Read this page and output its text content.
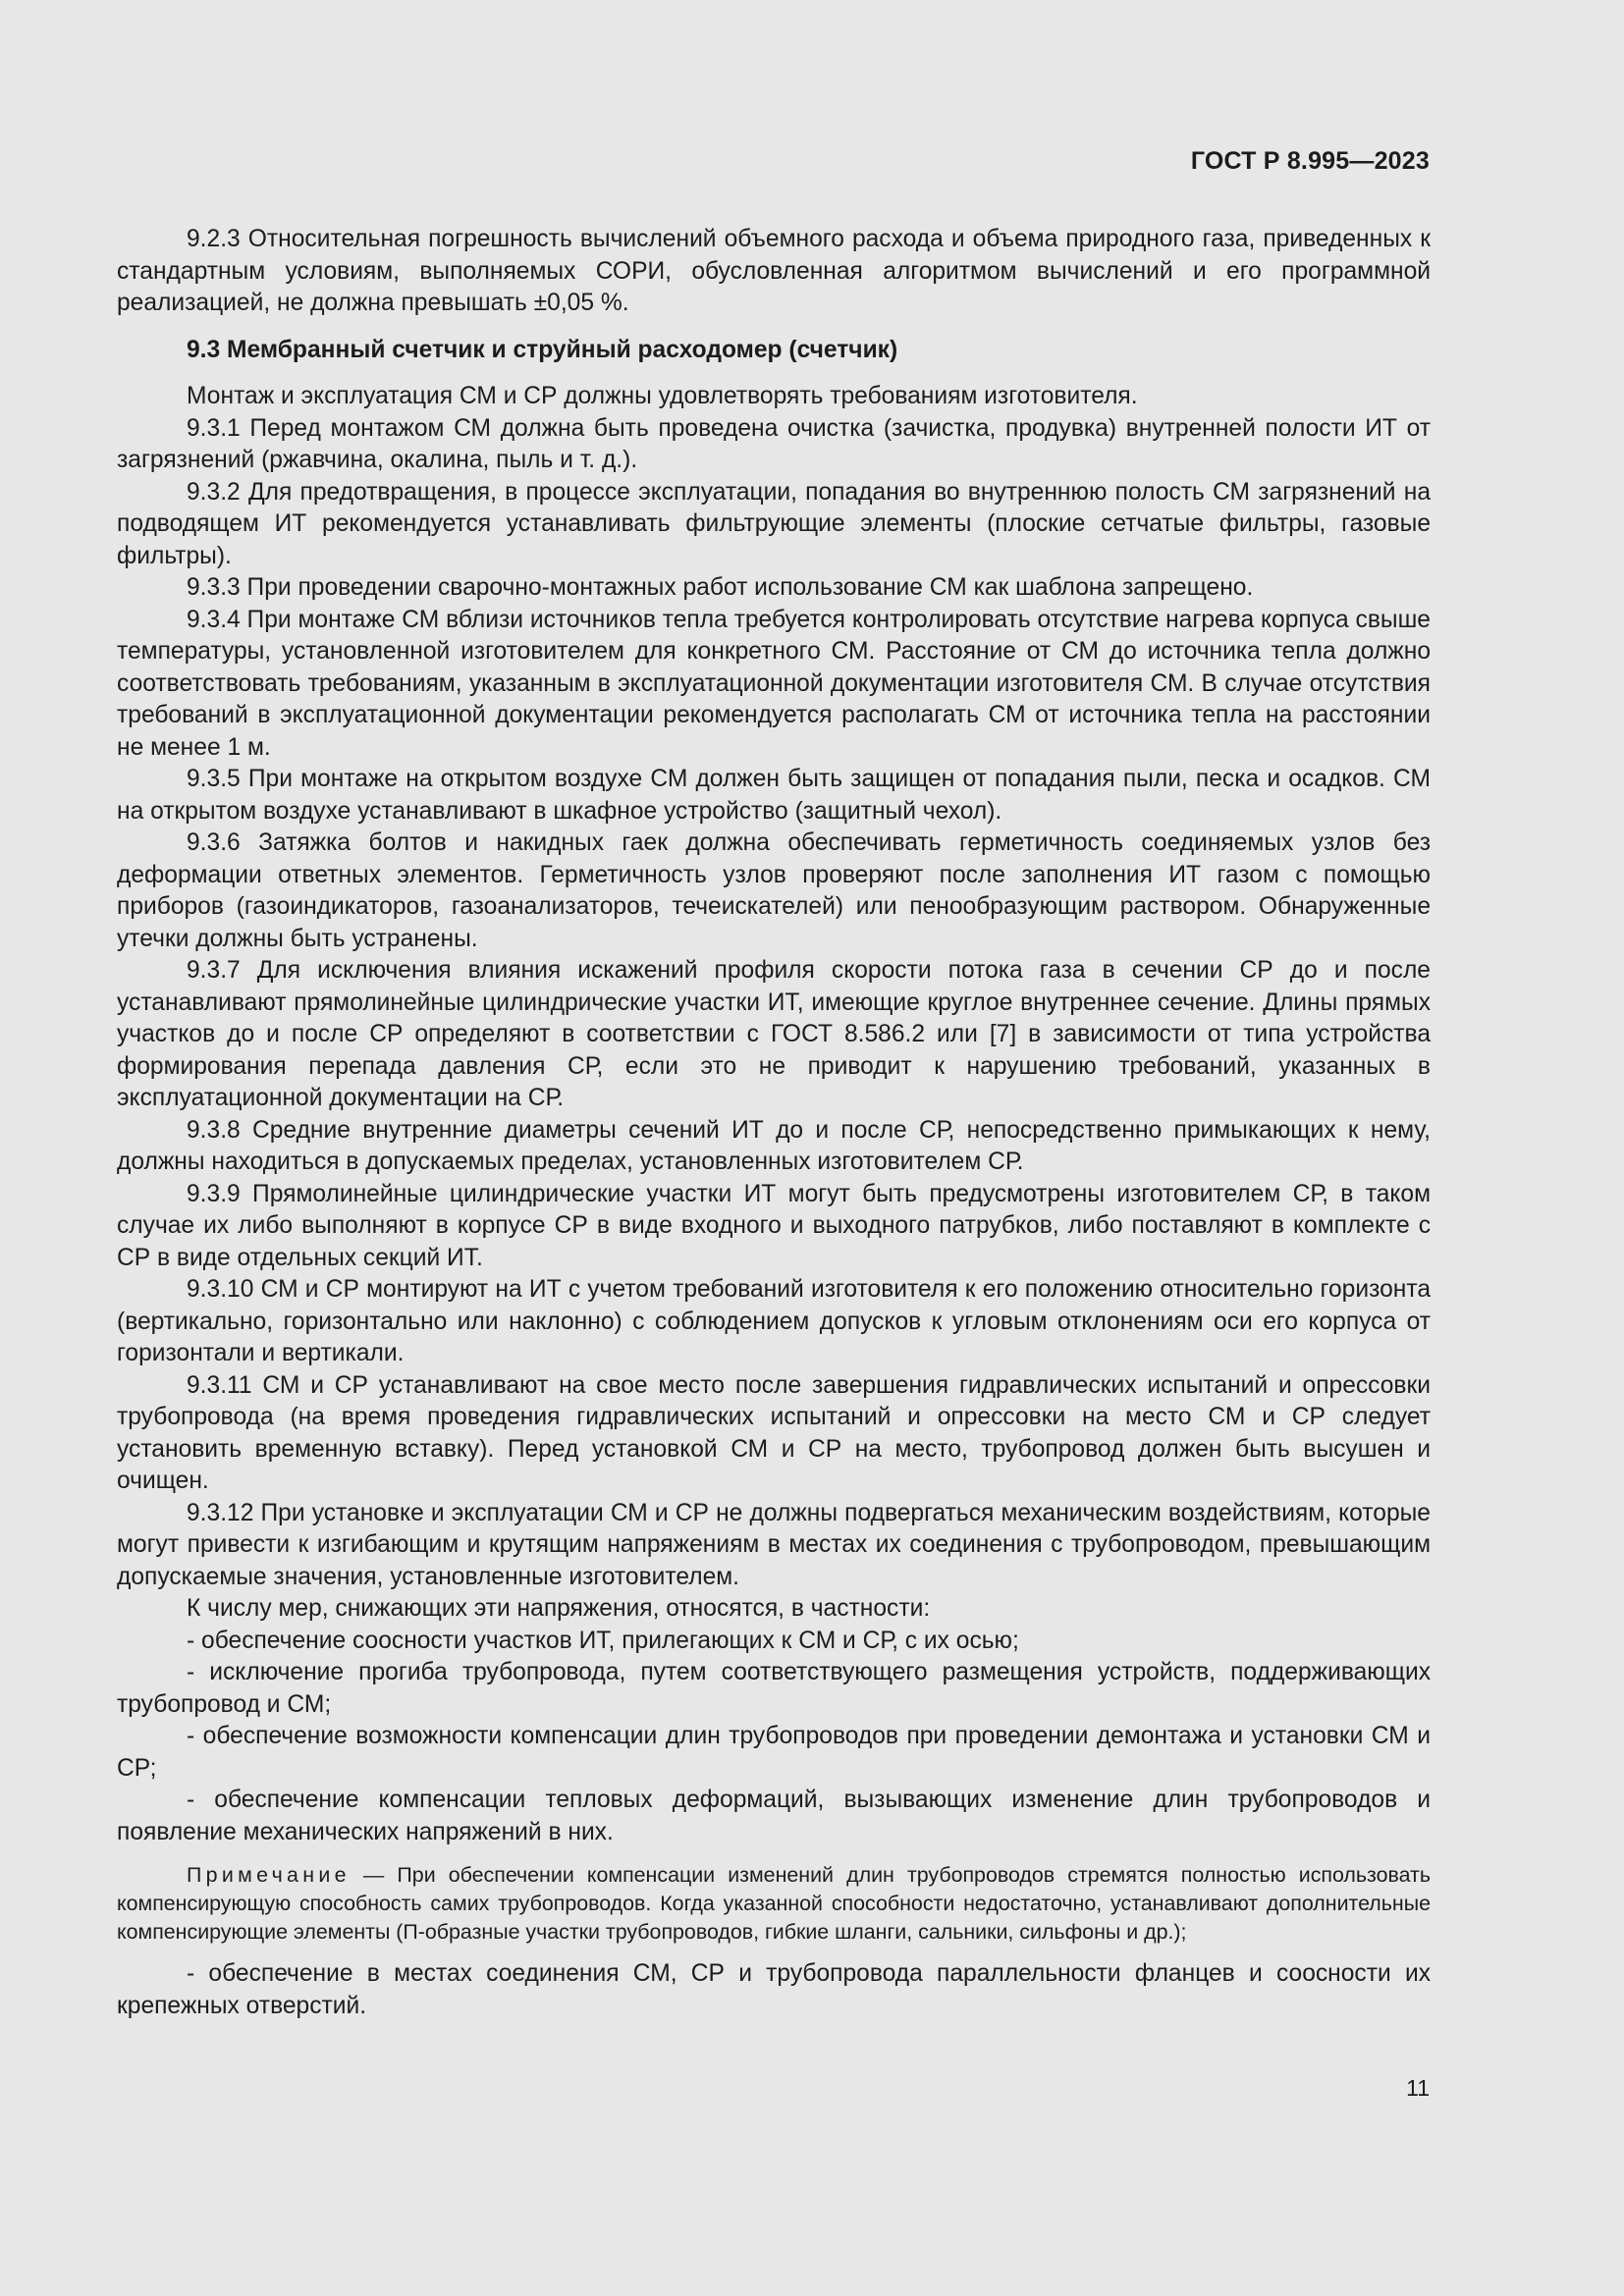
ГОСТ Р 8.995—2023

9.2.3 Относительная погрешность вычислений объемного расхода и объема природного газа, приведенных к стандартным условиям, выполняемых СОРИ, обусловленная алгоритмом вычислений и его программной реализацией, не должна превышать ±0,05 %.

9.3 Мембранный счетчик и струйный расходомер (счетчик)

Монтаж и эксплуатация СМ и СР должны удовлетворять требованиям изготовителя.

9.3.1 Перед монтажом СМ должна быть проведена очистка (зачистка, продувка) внутренней полости ИТ от загрязнений (ржавчина, окалина, пыль и т. д.).

9.3.2 Для предотвращения, в процессе эксплуатации, попадания во внутреннюю полость СМ загрязнений на подводящем ИТ рекомендуется устанавливать фильтрующие элементы (плоские сетчатые фильтры, газовые фильтры).

9.3.3 При проведении сварочно-монтажных работ использование СМ как шаблона запрещено.

9.3.4 При монтаже СМ вблизи источников тепла требуется контролировать отсутствие нагрева корпуса свыше температуры, установленной изготовителем для конкретного СМ. Расстояние от СМ до источника тепла должно соответствовать требованиям, указанным в эксплуатационной документации изготовителя СМ. В случае отсутствия требований в эксплуатационной документации рекомендуется располагать СМ от источника тепла на расстоянии не менее 1 м.

9.3.5 При монтаже на открытом воздухе СМ должен быть защищен от попадания пыли, песка и осадков. СМ на открытом воздухе устанавливают в шкафное устройство (защитный чехол).

9.3.6 Затяжка болтов и накидных гаек должна обеспечивать герметичность соединяемых узлов без деформации ответных элементов. Герметичность узлов проверяют после заполнения ИТ газом с помощью приборов (газоиндикаторов, газоанализаторов, течеискателей) или пенообразующим раствором. Обнаруженные утечки должны быть устранены.

9.3.7 Для исключения влияния искажений профиля скорости потока газа в сечении СР до и после устанавливают прямолинейные цилиндрические участки ИТ, имеющие круглое внутреннее сечение. Длины прямых участков до и после СР определяют в соответствии с ГОСТ 8.586.2 или [7] в зависимости от типа устройства формирования перепада давления СР, если это не приводит к нарушению требований, указанных в эксплуатационной документации на СР.

9.3.8 Средние внутренние диаметры сечений ИТ до и после СР, непосредственно примыкающих к нему, должны находиться в допускаемых пределах, установленных изготовителем СР.

9.3.9 Прямолинейные цилиндрические участки ИТ могут быть предусмотрены изготовителем СР, в таком случае их либо выполняют в корпусе СР в виде входного и выходного патрубков, либо поставляют в комплекте с СР в виде отдельных секций ИТ.

9.3.10 СМ и СР монтируют на ИТ с учетом требований изготовителя к его положению относительно горизонта (вертикально, горизонтально или наклонно) с соблюдением допусков к угловым отклонениям оси его корпуса от горизонтали и вертикали.

9.3.11 СМ и СР устанавливают на свое место после завершения гидравлических испытаний и опрессовки трубопровода (на время проведения гидравлических испытаний и опрессовки на место СМ и СР следует установить временную вставку). Перед установкой СМ и СР на место, трубопровод должен быть высушен и очищен.

9.3.12 При установке и эксплуатации СМ и СР не должны подвергаться механическим воздействиям, которые могут привести к изгибающим и крутящим напряжениям в местах их соединения с трубопроводом, превышающим допускаемые значения, установленные изготовителем.

К числу мер, снижающих эти напряжения, относятся, в частности:

- обеспечение соосности участков ИТ, прилегающих к СМ и СР, с их осью;

- исключение прогиба трубопровода, путем соответствующего размещения устройств, поддерживающих трубопровод и СМ;

- обеспечение возможности компенсации длин трубопроводов при проведении демонтажа и установки СМ и СР;

- обеспечение компенсации тепловых деформаций, вызывающих изменение длин трубопроводов и появление механических напряжений в них.

Примечание — При обеспечении компенсации изменений длин трубопроводов стремятся полностью использовать компенсирующую способность самих трубопроводов. Когда указанной способности недостаточно, устанавливают дополнительные компенсирующие элементы (П-образные участки трубопроводов, гибкие шланги, сальники, сильфоны и др.);

- обеспечение в местах соединения СМ, СР и трубопровода параллельности фланцев и соосности их крепежных отверстий.

11
